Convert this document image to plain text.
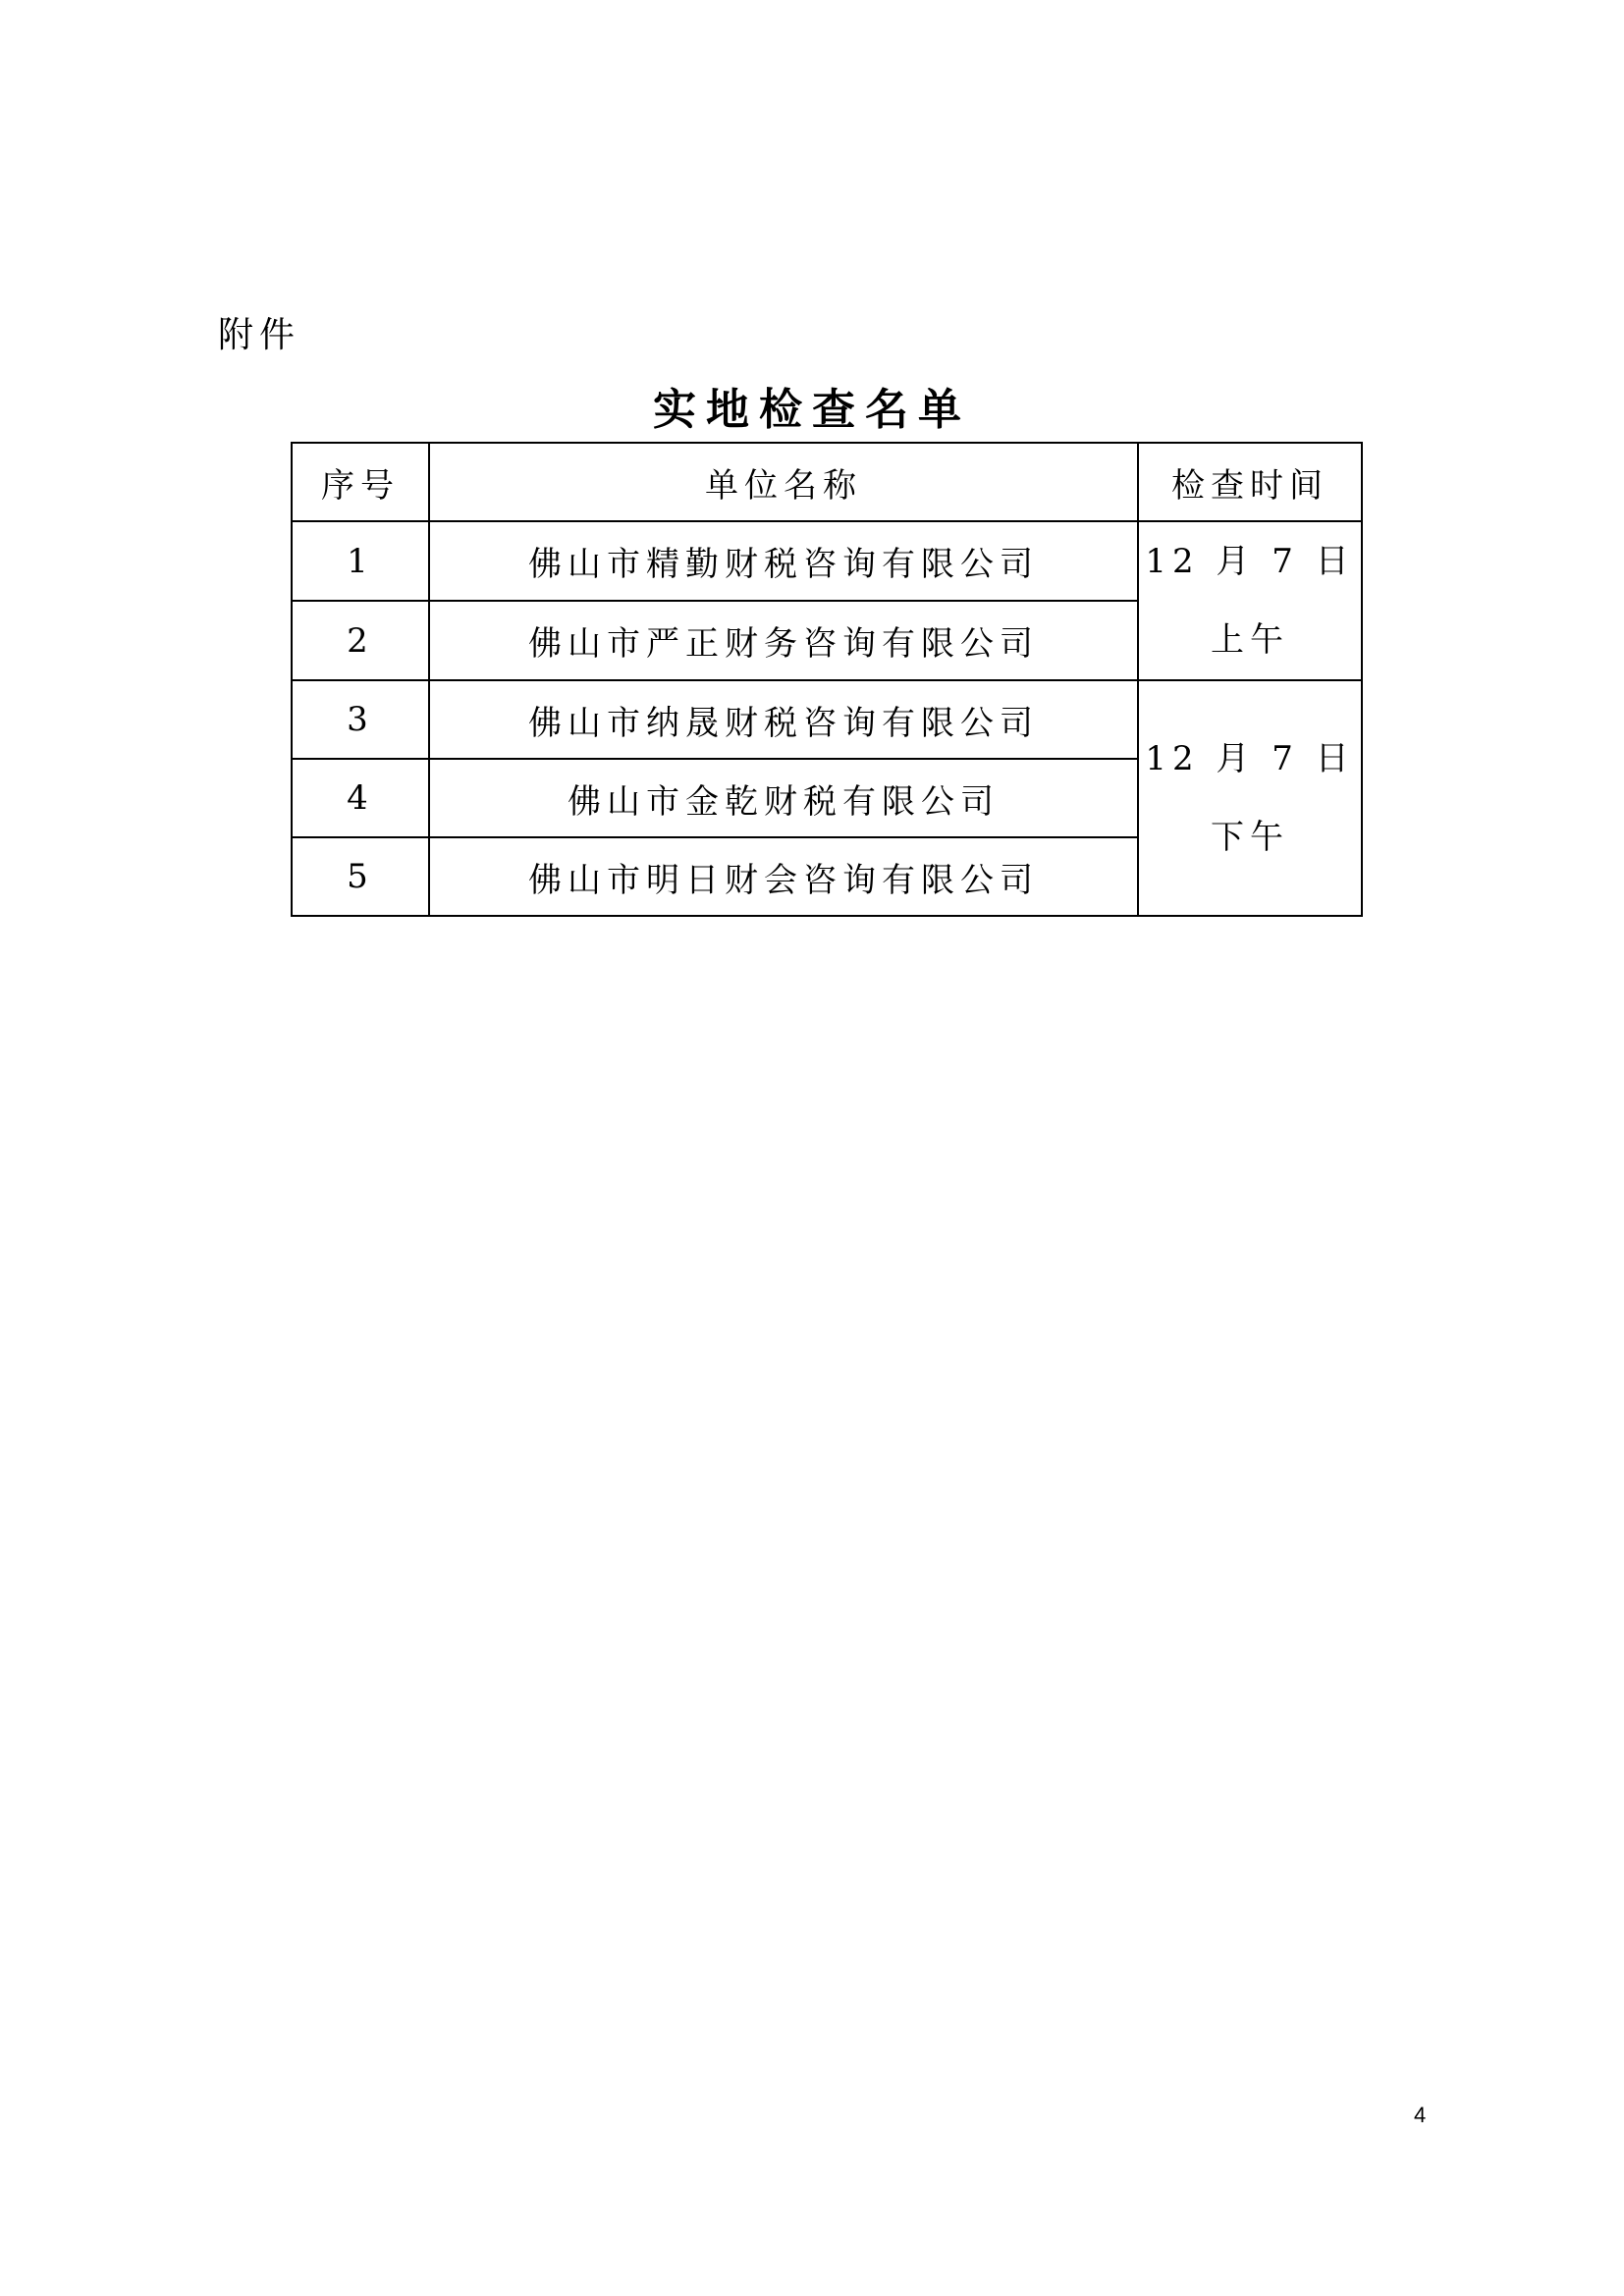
附件
实地检查名单
序号	单位名称	检查时间
1	佛山市精勤财税咨询有限公司	12 月 7 日
上午

2	佛山市严正财务咨询有限公司	
3	佛山市纳晟财税咨询有限公司	12 月 7 日
下午

4	佛山市金乾财税有限公司	
5	佛山市明日财会咨询有限公司	
4
